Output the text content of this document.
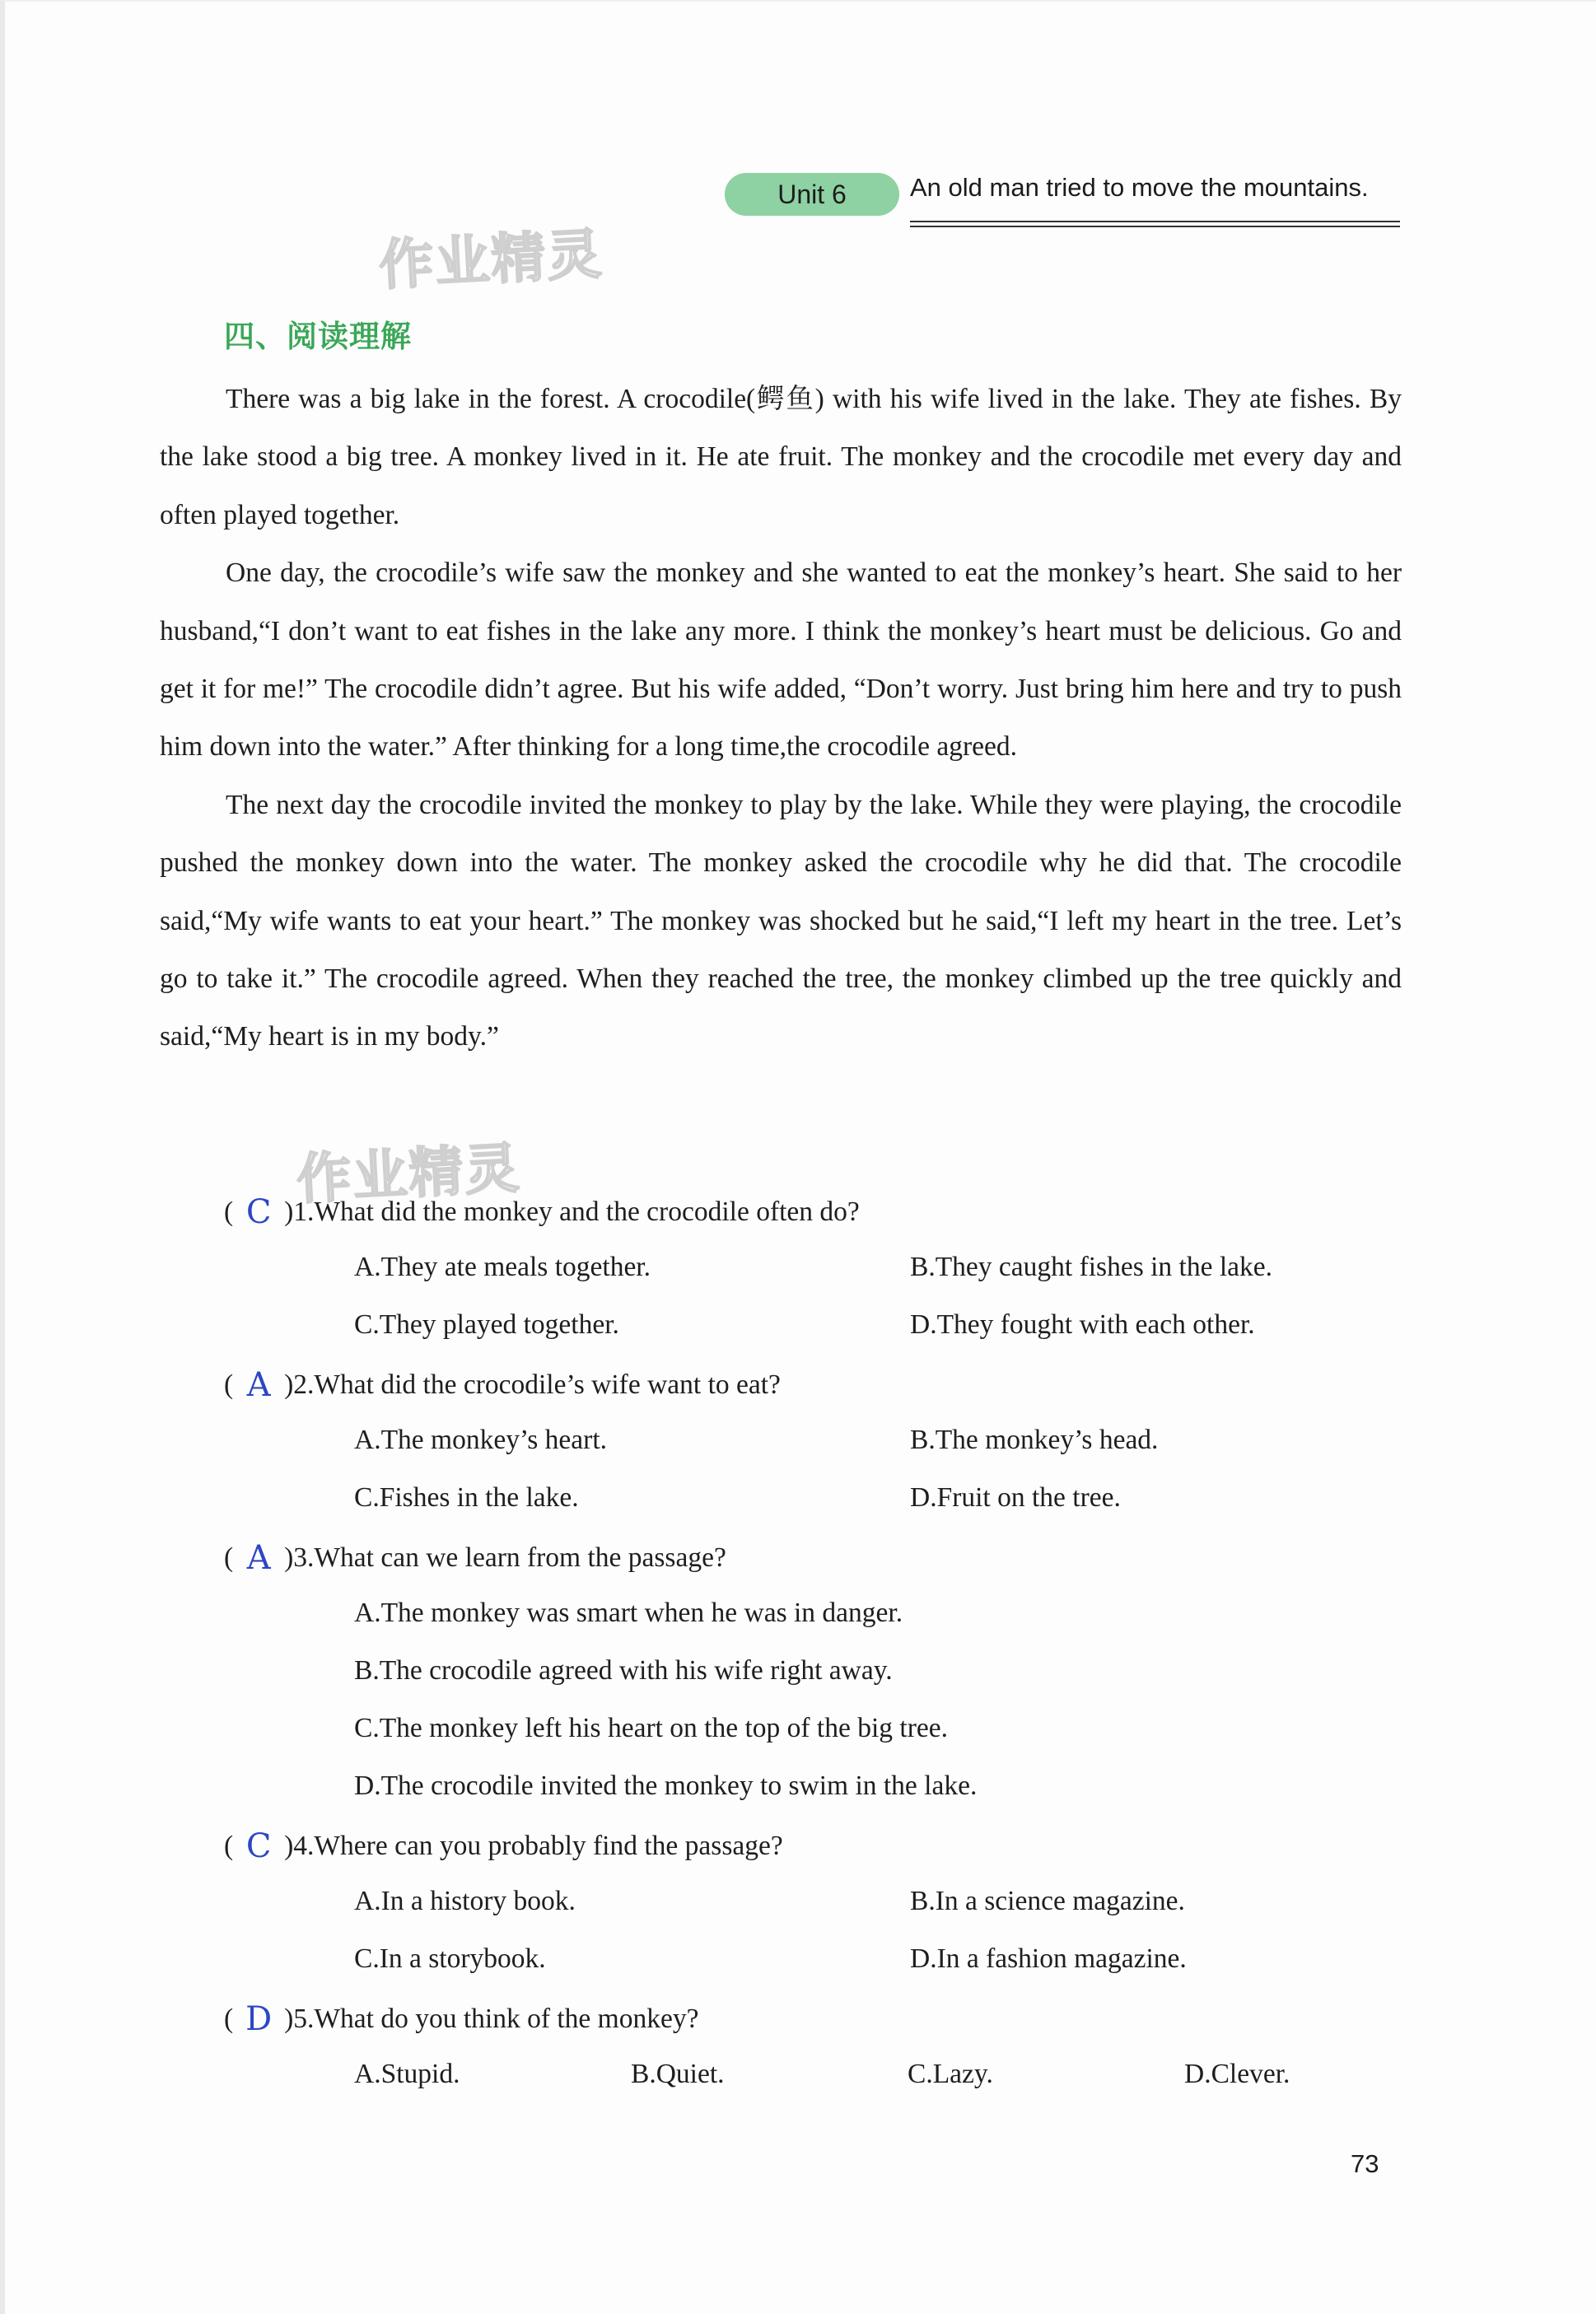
Unit 6	An old man tried to move the mountains.
作业精灵
四、阅读理解

There was a big lake in the forest. A crocodile(鳄鱼) with his wife lived in the lake. They ate fishes. By the lake stood a big tree. A monkey lived in it. He ate fruit. The monkey and the crocodile met every day and often played together.

One day, the crocodile’s wife saw the monkey and she wanted to eat the monkey’s heart. She said to her husband,“I don’t want to eat fishes in the lake any more. I think the monkey’s heart must be delicious. Go and get it for me!” The crocodile didn’t agree. But his wife added, “Don’t worry. Just bring him here and try to push him down into the water.” After thinking for a long time,the crocodile agreed.

The next day the crocodile invited the monkey to play by the lake. While they were playing, the crocodile pushed the monkey down into the water. The monkey asked the crocodile why he did that. The crocodile said,“My wife wants to eat your heart.” The monkey was shocked but he said,“I left my heart in the tree. Let’s go to take it.” The crocodile agreed. When they reached the tree, the monkey climbed up the tree quickly and said,“My heart is in my body.”

作业精灵
( C )1.What did the monkey and the crocodile often do?
A.They ate meals together.	B.They caught fishes in the lake.
C.They played together.	D.They fought with each other.
( A )2.What did the crocodile’s wife want to eat?
A.The monkey’s heart.	B.The monkey’s head.
C.Fishes in the lake.	D.Fruit on the tree.
( A )3.What can we learn from the passage?
A.The monkey was smart when he was in danger.
B.The crocodile agreed with his wife right away.
C.The monkey left his heart on the top of the big tree.
D.The crocodile invited the monkey to swim in the lake.
( C )4.Where can you probably find the passage?
A.In a history book.	B.In a science magazine.
C.In a storybook.	D.In a fashion magazine.
( D )5.What do you think of the monkey?
A.Stupid.	B.Quiet.	C.Lazy.	D.Clever.
73
